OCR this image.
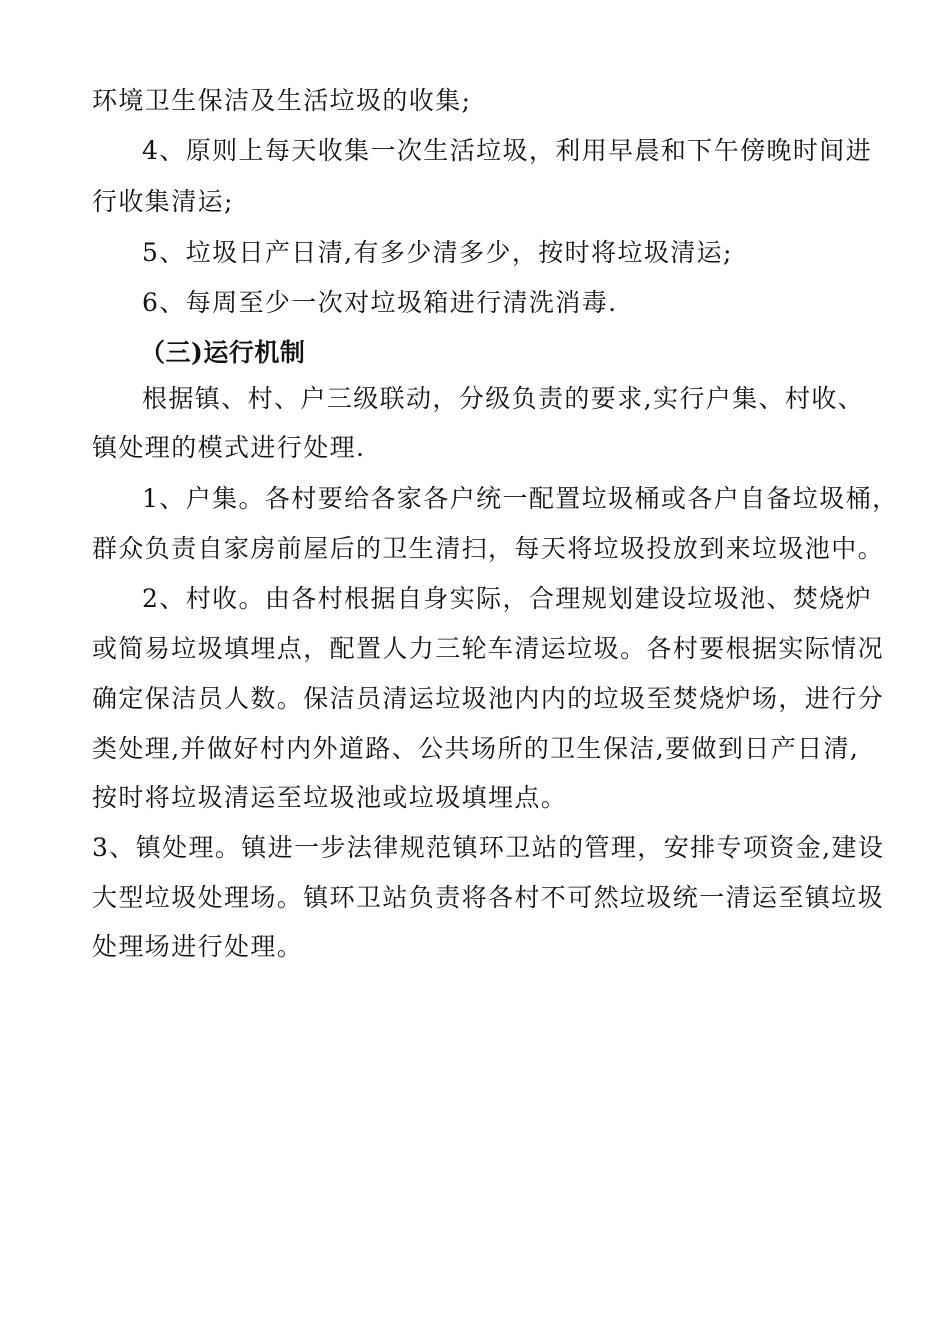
环境卫生保洁及生活垃圾的收集;
4、原则上每天收集一次生活垃圾，利用早晨和下午傍晚时间进
行收集清运;
5、垃圾日产日清,有多少清多少，按时将垃圾清运;
6、每周至少一次对垃圾箱进行清洗消毒.
（三)运行机制
根据镇、村、户三级联动，分级负责的要求,实行户集、村收、
镇处理的模式进行处理.
1、户集。各村要给各家各户统一配置垃圾桶或各户自备垃圾桶，
群众负责自家房前屋后的卫生清扫，每天将垃圾投放到来垃圾池中。
2、村收。由各村根据自身实际，合理规划建设垃圾池、焚烧炉
或简易垃圾填埋点，配置人力三轮车清运垃圾。各村要根据实际情况
确定保洁员人数。保洁员清运垃圾池内内的垃圾至焚烧炉场，进行分
类处理,并做好村内外道路、公共场所的卫生保洁,要做到日产日清,
按时将垃圾清运至垃圾池或垃圾填埋点。
3、镇处理。镇进一步法律规范镇环卫站的管理，安排专项资金,建设
大型垃圾处理场。镇环卫站负责将各村不可然垃圾统一清运至镇垃圾
处理场进行处理。
